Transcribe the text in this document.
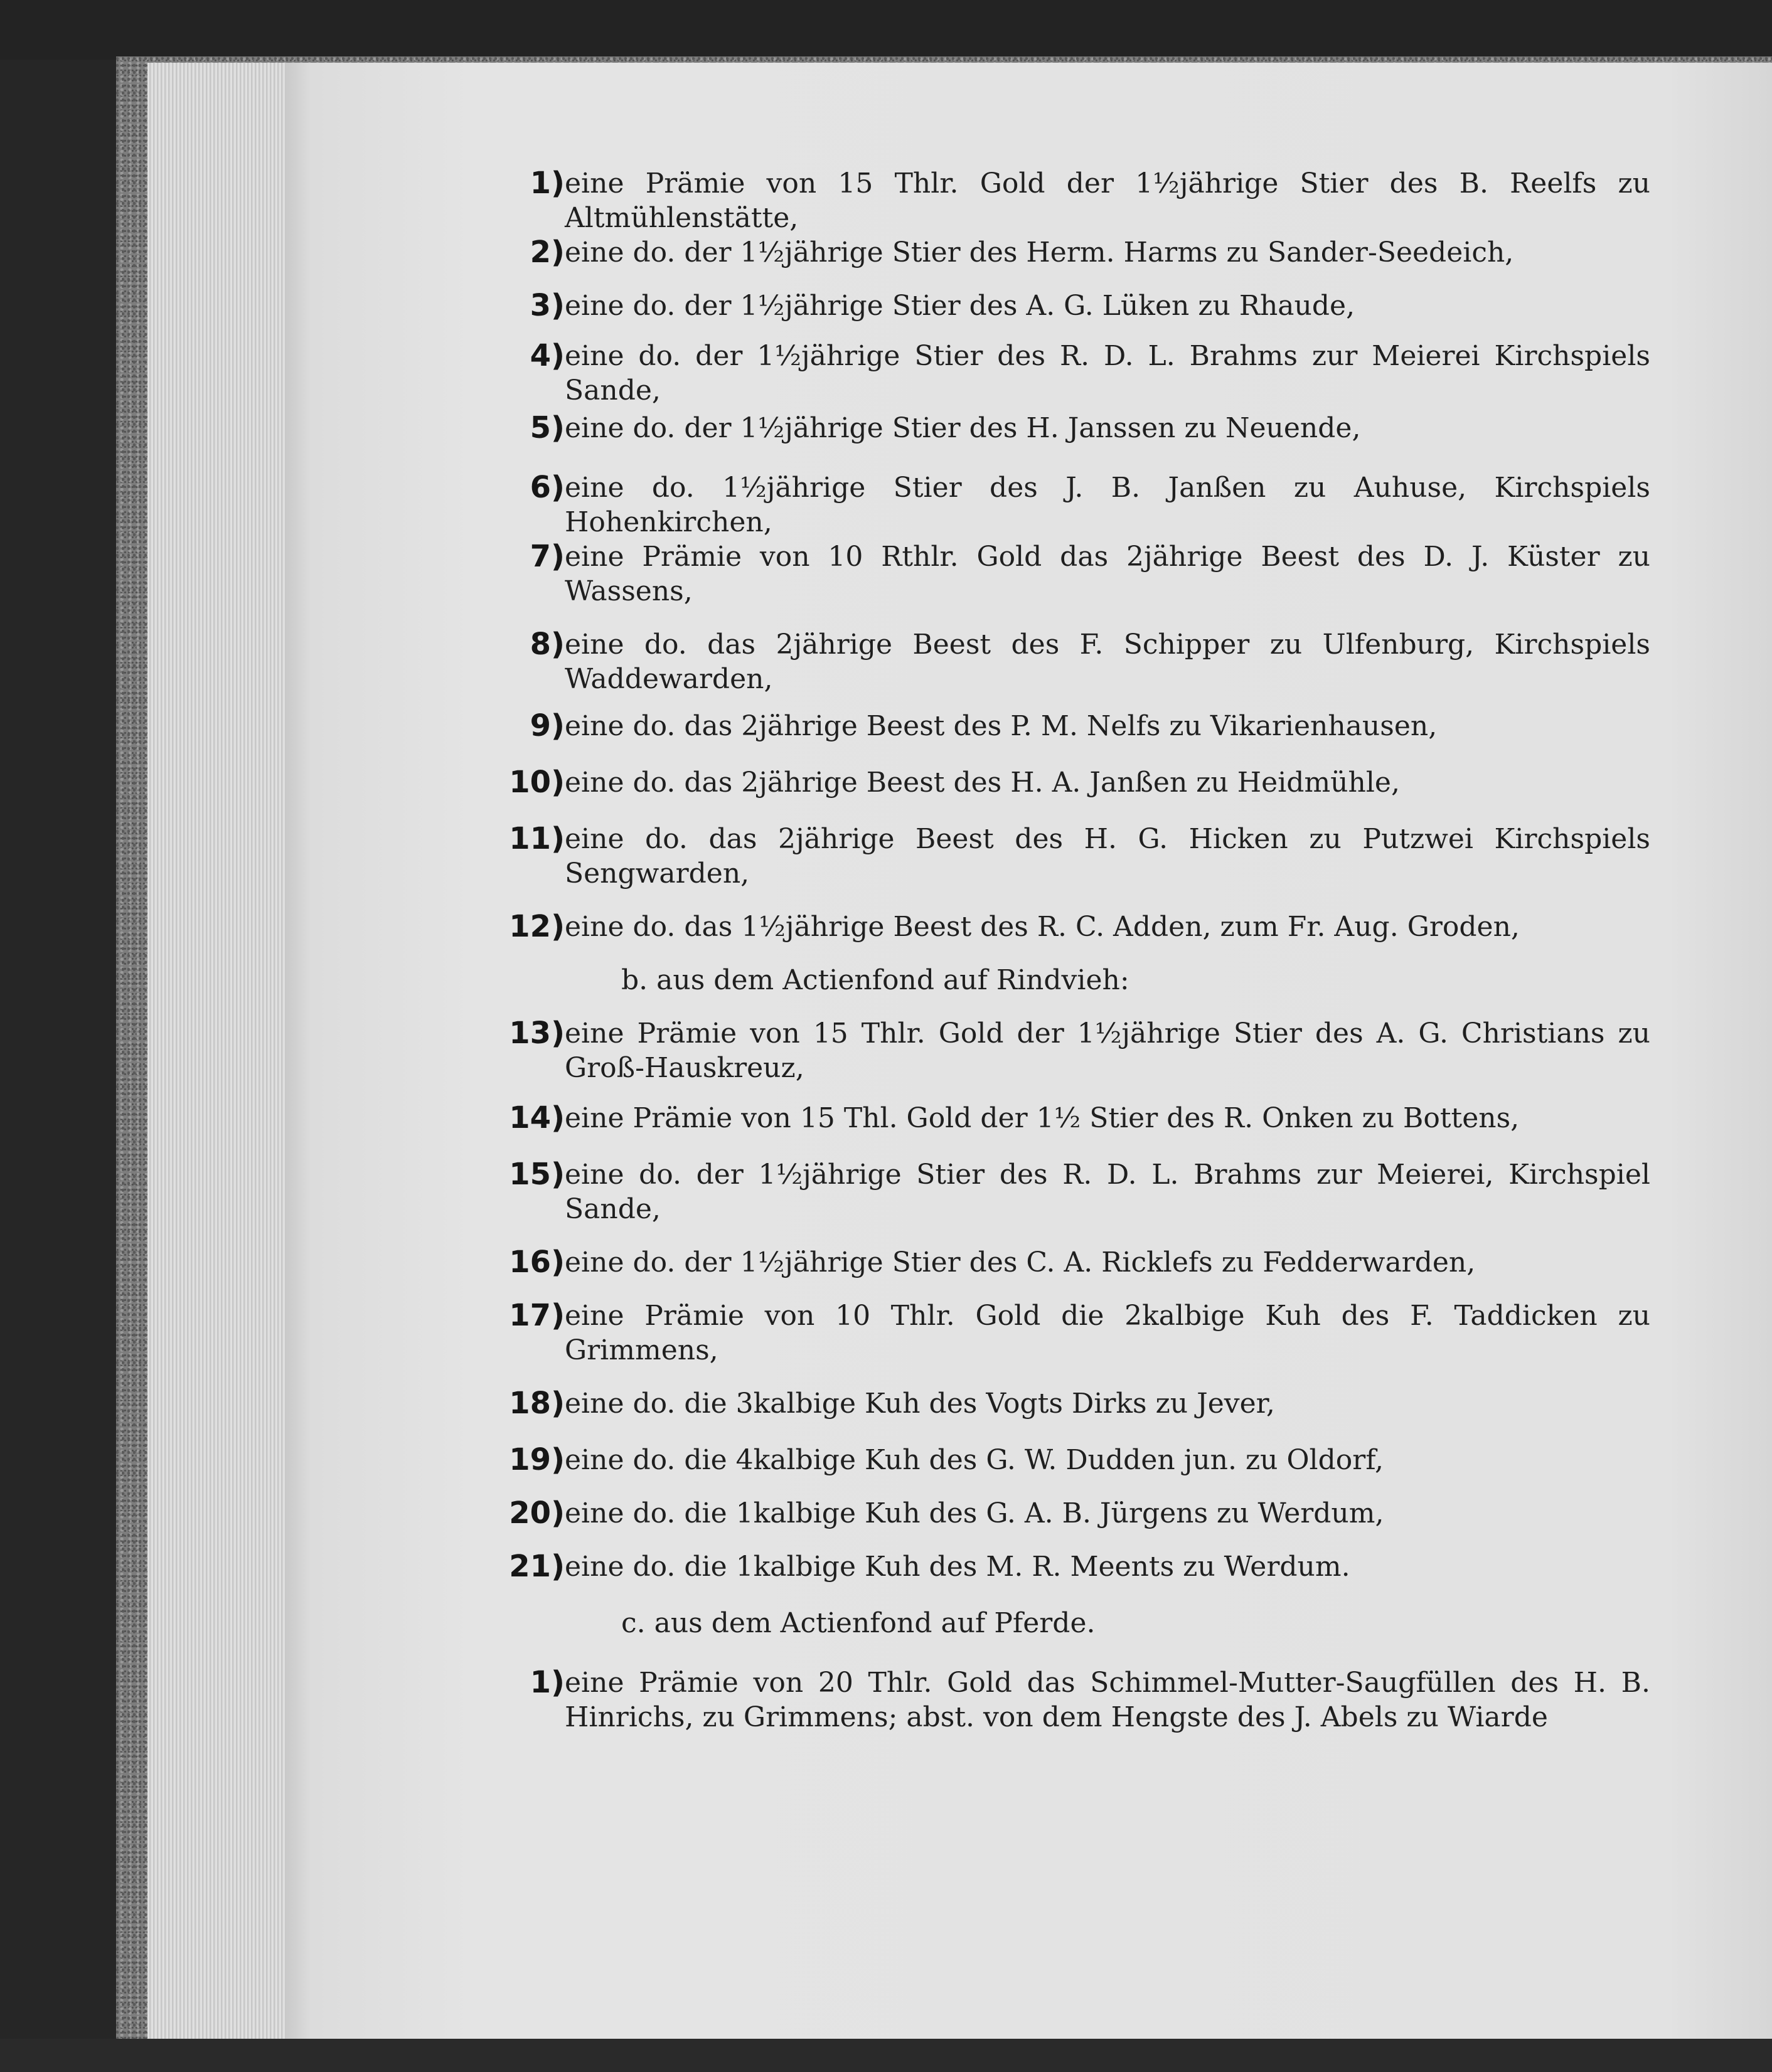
1) eine Prämie von 15 Thlr. Gold der 1½jährige Stier des B. Reelfs zu Altmühlenstätte,
2) eine do. der 1½jährige Stier des Herm. Harms zu Sander-Seedeich,
3) eine do. der 1½jährige Stier des A. G. Lüken zu Rhaude,
4) eine do. der 1½jährige Stier des R. D. L. Brahms zur Meierei Kirchspiels Sande,
5) eine do. der 1½jährige Stier des H. Janssen zu Neuende,
6) eine do. 1½jährige Stier des J. B. Janßen zu Auhuse, Kirchspiels Hohenkirchen,
7) eine Prämie von 10 Rthlr. Gold das 2jährige Beest des D. J. Küster zu Wassens,
8) eine do. das 2jährige Beest des F. Schipper zu Ulfenburg, Kirchspiels Waddewarden,
9) eine do. das 2jährige Beest des P. M. Nelfs zu Vikarienhausen,
10) eine do. das 2jährige Beest des H. A. Janßen zu Heidmühle,
11) eine do. das 2jährige Beest des H. G. Hicken zu Putzwei Kirchspiels Sengwarden,
12) eine do. das 1½jährige Beest des R. C. Adden, zum Fr. Aug. Groden,
b. aus dem Actienfond auf Rindvieh:
13) eine Prämie von 15 Thlr. Gold der 1½jährige Stier des A. G. Christians zu Groß-Hauskreuz,
14) eine Prämie von 15 Thl. Gold der 1½ Stier des R. Onken zu Bottens,
15) eine do. der 1½jährige Stier des R. D. L. Brahms zur Meierei, Kirchspiel Sande,
16) eine do. der 1½jährige Stier des C. A. Ricklefs zu Fedderwarden,
17) eine Prämie von 10 Thlr. Gold die 2kalbige Kuh des F. Taddicken zu Grimmens,
18) eine do. die 3kalbige Kuh des Vogts Dirks zu Jever,
19) eine do. die 4kalbige Kuh des G. W. Dudden jun. zu Oldorf,
20) eine do. die 1kalbige Kuh des G. A. B. Jürgens zu Werdum,
21) eine do. die 1kalbige Kuh des M. R. Meents zu Werdum.
c. aus dem Actienfond auf Pferde.
1) eine Prämie von 20 Thlr. Gold das Schimmel-Mutter-Saugfüllen des H. B. Hinrichs, zu Grimmens; abst. von dem Hengste des J. Abels zu Wiarde
